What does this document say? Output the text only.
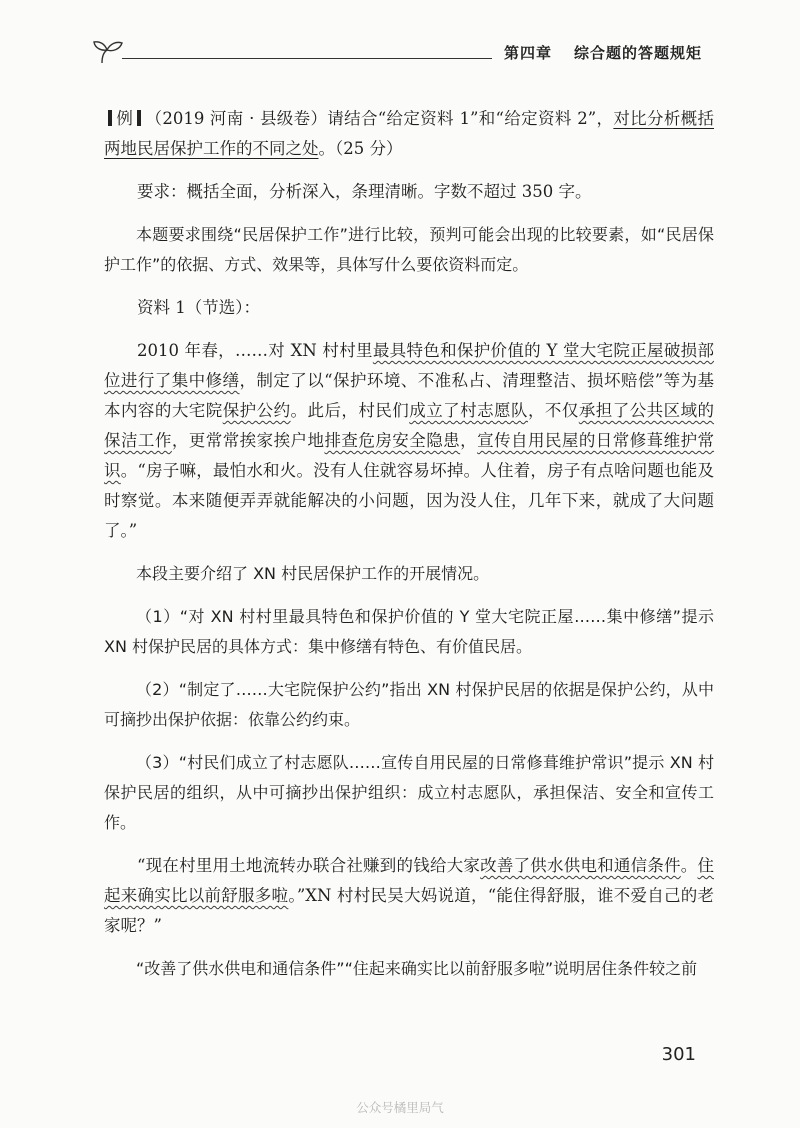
第四章 综合题的答题规矩

例 （2019 河南 · 县级卷）请结合“给定资料 1”和“给定资料 2”，对比分析概括两地民居保护工作的不同之处。（25 分）

要求：概括全面，分析深入，条理清晰。字数不超过 350 字。

本题要求围绕“民居保护工作”进行比较，预判可能会出现的比较要素，如“民居保护工作”的依据、方式、效果等，具体写什么要依资料而定。

资料 1（节选）：

2010 年春，……对 XN 村村里最具特色和保护价值的 Y 堂大宅院正屋破损部位进行了集中修缮，制定了以“保护环境、不准私占、清理整洁、损坏赔偿”等为基本内容的大宅院保护公约。此后，村民们成立了村志愿队，不仅承担了公共区域的保洁工作，更常常挨家挨户地排查危房安全隐患，宣传自用民屋的日常修葺维护常识。“房子嘛，最怕水和火。没有人住就容易坏掉。人住着，房子有点啥问题也能及时察觉。本来随便弄弄就能解决的小问题，因为没人住，几年下来，就成了大问题了。”

本段主要介绍了 XN 村民居保护工作的开展情况。

（1）“对 XN 村村里最具特色和保护价值的 Y 堂大宅院正屋……集中修缮”提示 XN 村保护民居的具体方式：集中修缮有特色、有价值民居。

（2）“制定了……大宅院保护公约”指出 XN 村保护民居的依据是保护公约，从中可摘抄出保护依据：依靠公约约束。

（3）“村民们成立了村志愿队……宣传自用民屋的日常修葺维护常识”提示 XN 村保护民居的组织，从中可摘抄出保护组织：成立村志愿队，承担保洁、安全和宣传工作。

“现在村里用土地流转办联合社赚到的钱给大家改善了供水供电和通信条件。住起来确实比以前舒服多啦。”XN 村村民吴大妈说道，“能住得舒服，谁不爱自己的老家呢？”

“改善了供水供电和通信条件”“住起来确实比以前舒服多啦”说明居住条件较之前

301
公众号橘里局气
